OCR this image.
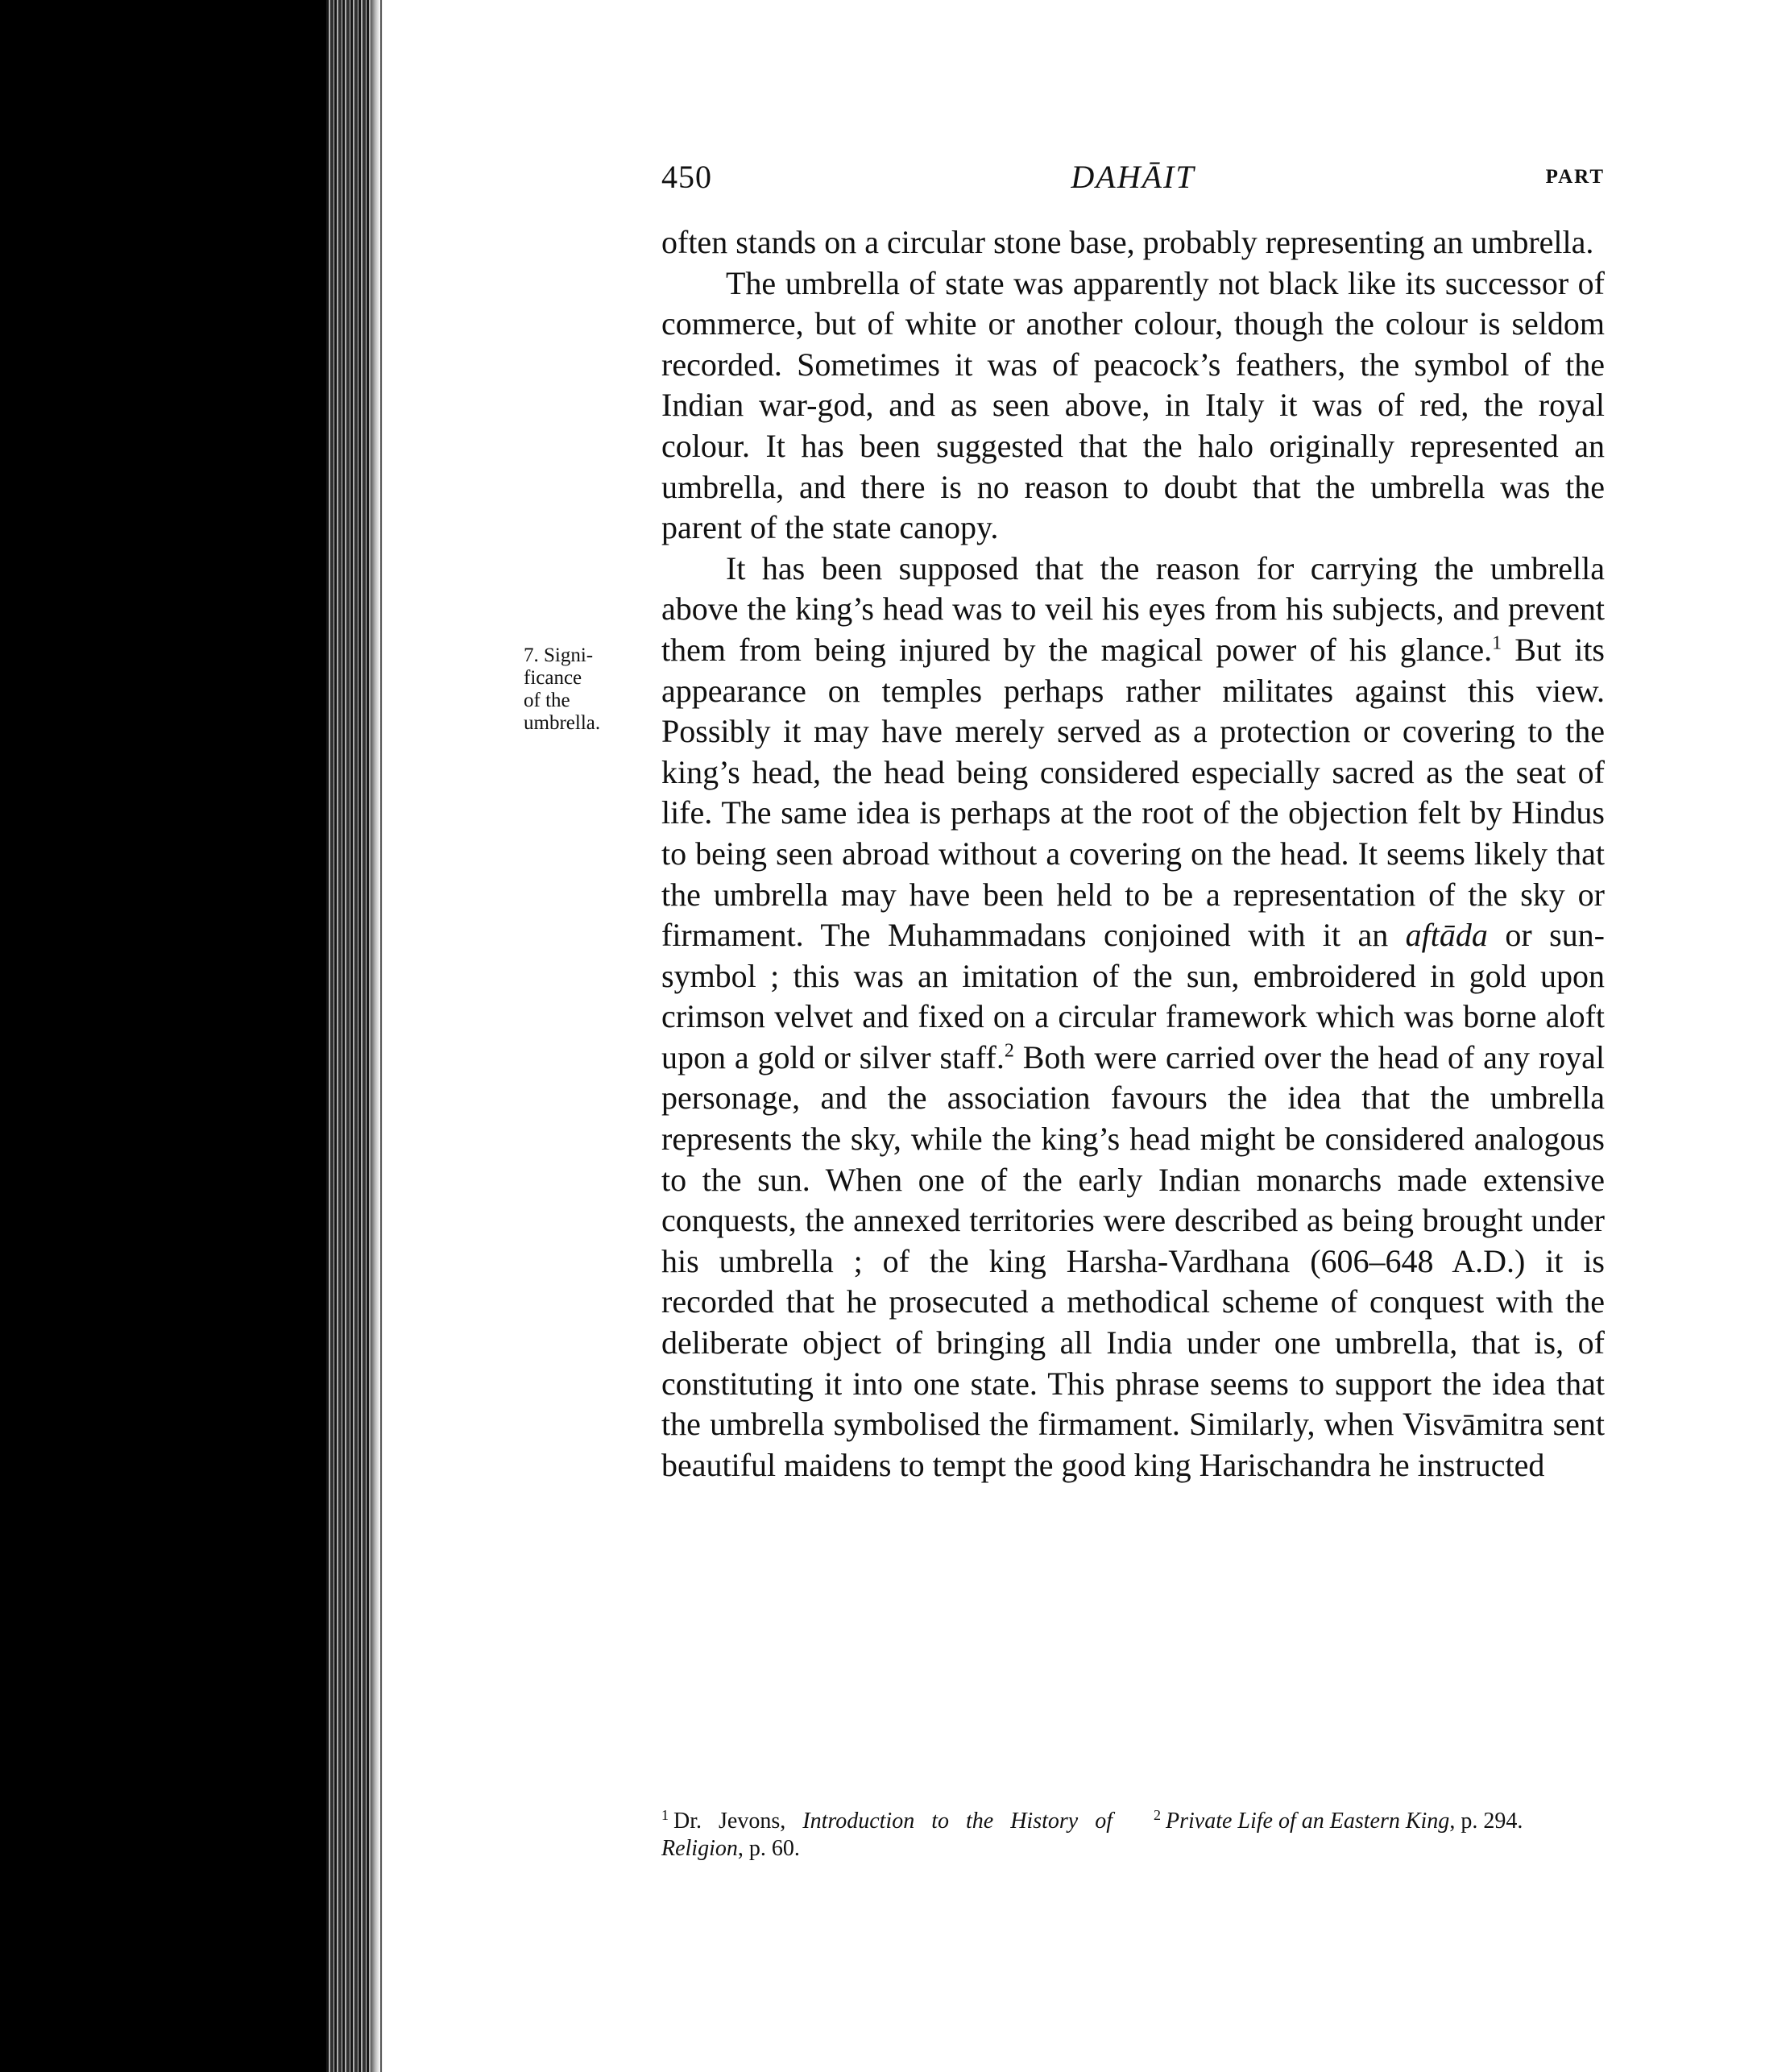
450	DAHĀIT	PART
7. Signi-
ficance
of the
umbrella.

often stands on a circular stone base, probably representing an umbrella.

The umbrella of state was apparently not black like its successor of commerce, but of white or another colour, though the colour is seldom recorded. Sometimes it was of peacock’s feathers, the symbol of the Indian war-god, and as seen above, in Italy it was of red, the royal colour. It has been suggested that the halo originally represented an umbrella, and there is no reason to doubt that the umbrella was the parent of the state canopy.

It has been supposed that the reason for carrying the umbrella above the king’s head was to veil his eyes from his subjects, and prevent them from being injured by the magical power of his glance.$^1$ But its appearance on temples perhaps rather militates against this view. Possibly it may have merely served as a protection or covering to the king’s head, the head being considered especially sacred as the seat of life. The same idea is perhaps at the root of the objection felt by Hindus to being seen abroad without a covering on the head. It seems likely that the umbrella may have been held to be a representation of the sky or firmament. The Muhammadans conjoined with it an aftāda or sun-symbol ; this was an imitation of the sun, embroidered in gold upon crimson velvet and fixed on a circular framework which was borne aloft upon a gold or silver staff.$^2$ Both were carried over the head of any royal personage, and the association favours the idea that the umbrella represents the sky, while the king’s head might be considered analogous to the sun. When one of the early Indian monarchs made extensive conquests, the annexed territories were described as being brought under his umbrella ; of the king Harsha-Vardhana (606–648 A.D.) it is recorded that he prosecuted a methodical scheme of conquest with the deliberate object of bringing all India under one umbrella, that is, of constituting it into one state. This phrase seems to support the idea that the umbrella symbolised the firmament. Similarly, when Visvāmitra sent beautiful maidens to tempt the good king Harischandra he instructed

$^1$ Dr. Jevons, Introduction to the History of Religion, p. 60.
$^2$ Private Life of an Eastern King, p. 294.
